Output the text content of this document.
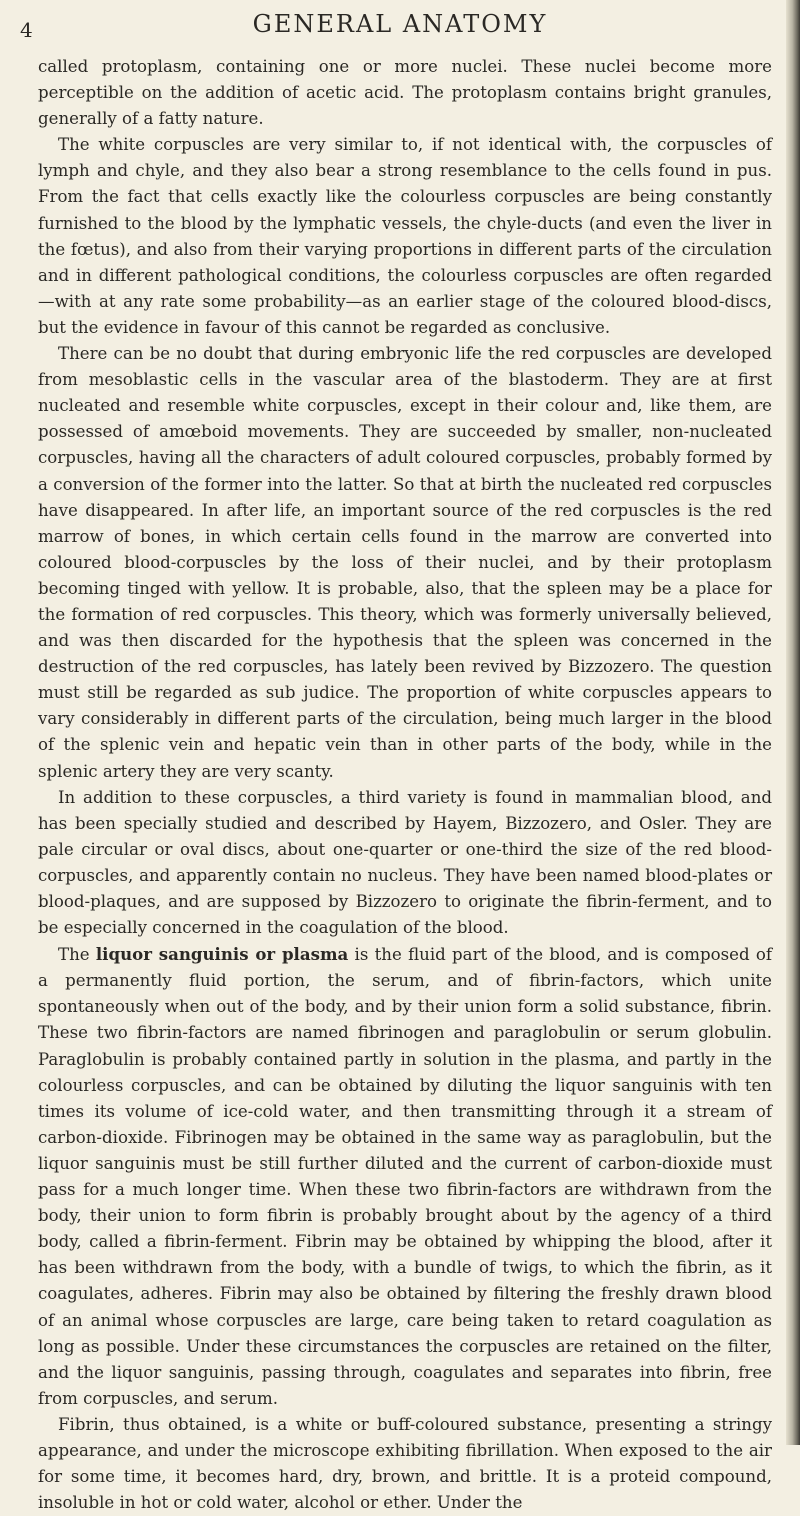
4	GENERAL ANATOMY

called protoplasm, containing one or more nuclei. These nuclei become more perceptible on the addition of acetic acid. The protoplasm contains bright granules, generally of a fatty nature.

The white corpuscles are very similar to, if not identical with, the corpuscles of lymph and chyle, and they also bear a strong resemblance to the cells found in pus. From the fact that cells exactly like the colourless corpuscles are being constantly furnished to the blood by the lymphatic vessels, the chyle-ducts (and even the liver in the fœtus), and also from their varying proportions in different parts of the circulation and in different pathological conditions, the colourless corpuscles are often regarded—with at any rate some probability—as an earlier stage of the coloured blood-discs, but the evidence in favour of this cannot be regarded as conclusive.

There can be no doubt that during embryonic life the red corpuscles are developed from mesoblastic cells in the vascular area of the blastoderm. They are at first nucleated and resemble white corpuscles, except in their colour and, like them, are possessed of amœboid movements. They are succeeded by smaller, non-nucleated corpuscles, having all the characters of adult coloured corpuscles, probably formed by a conversion of the former into the latter. So that at birth the nucleated red corpuscles have disappeared. In after life, an important source of the red corpuscles is the red marrow of bones, in which certain cells found in the marrow are converted into coloured blood-corpuscles by the loss of their nuclei, and by their protoplasm becoming tinged with yellow. It is probable, also, that the spleen may be a place for the formation of red corpuscles. This theory, which was formerly universally believed, and was then discarded for the hypothesis that the spleen was concerned in the destruction of the red corpuscles, has lately been revived by Bizzozero. The question must still be regarded as sub judice. The proportion of white corpuscles appears to vary considerably in different parts of the circulation, being much larger in the blood of the splenic vein and hepatic vein than in other parts of the body, while in the splenic artery they are very scanty.

In addition to these corpuscles, a third variety is found in mammalian blood, and has been specially studied and described by Hayem, Bizzozero, and Osler. They are pale circular or oval discs, about one-quarter or one-third the size of the red blood-corpuscles, and apparently contain no nucleus. They have been named blood-plates or blood-plaques, and are supposed by Bizzozero to originate the fibrin-ferment, and to be especially concerned in the coagulation of the blood.

The liquor sanguinis or plasma is the fluid part of the blood, and is composed of a permanently fluid portion, the serum, and of fibrin-factors, which unite spontaneously when out of the body, and by their union form a solid substance, fibrin. These two fibrin-factors are named fibrinogen and paraglobulin or serum globulin. Paraglobulin is probably contained partly in solution in the plasma, and partly in the colourless corpuscles, and can be obtained by diluting the liquor sanguinis with ten times its volume of ice-cold water, and then transmitting through it a stream of carbon-dioxide. Fibrinogen may be obtained in the same way as paraglobulin, but the liquor sanguinis must be still further diluted and the current of carbon-dioxide must pass for a much longer time. When these two fibrin-factors are withdrawn from the body, their union to form fibrin is probably brought about by the agency of a third body, called a fibrin-ferment. Fibrin may be obtained by whipping the blood, after it has been withdrawn from the body, with a bundle of twigs, to which the fibrin, as it coagulates, adheres. Fibrin may also be obtained by filtering the freshly drawn blood of an animal whose corpuscles are large, care being taken to retard coagulation as long as possible. Under these circumstances the corpuscles are retained on the filter, and the liquor sanguinis, passing through, coagulates and separates into fibrin, free from corpuscles, and serum.

Fibrin, thus obtained, is a white or buff-coloured substance, presenting a stringy appearance, and under the microscope exhibiting fibrillation. When exposed to the air for some time, it becomes hard, dry, brown, and brittle. It is a proteid compound, insoluble in hot or cold water, alcohol or ether. Under the
